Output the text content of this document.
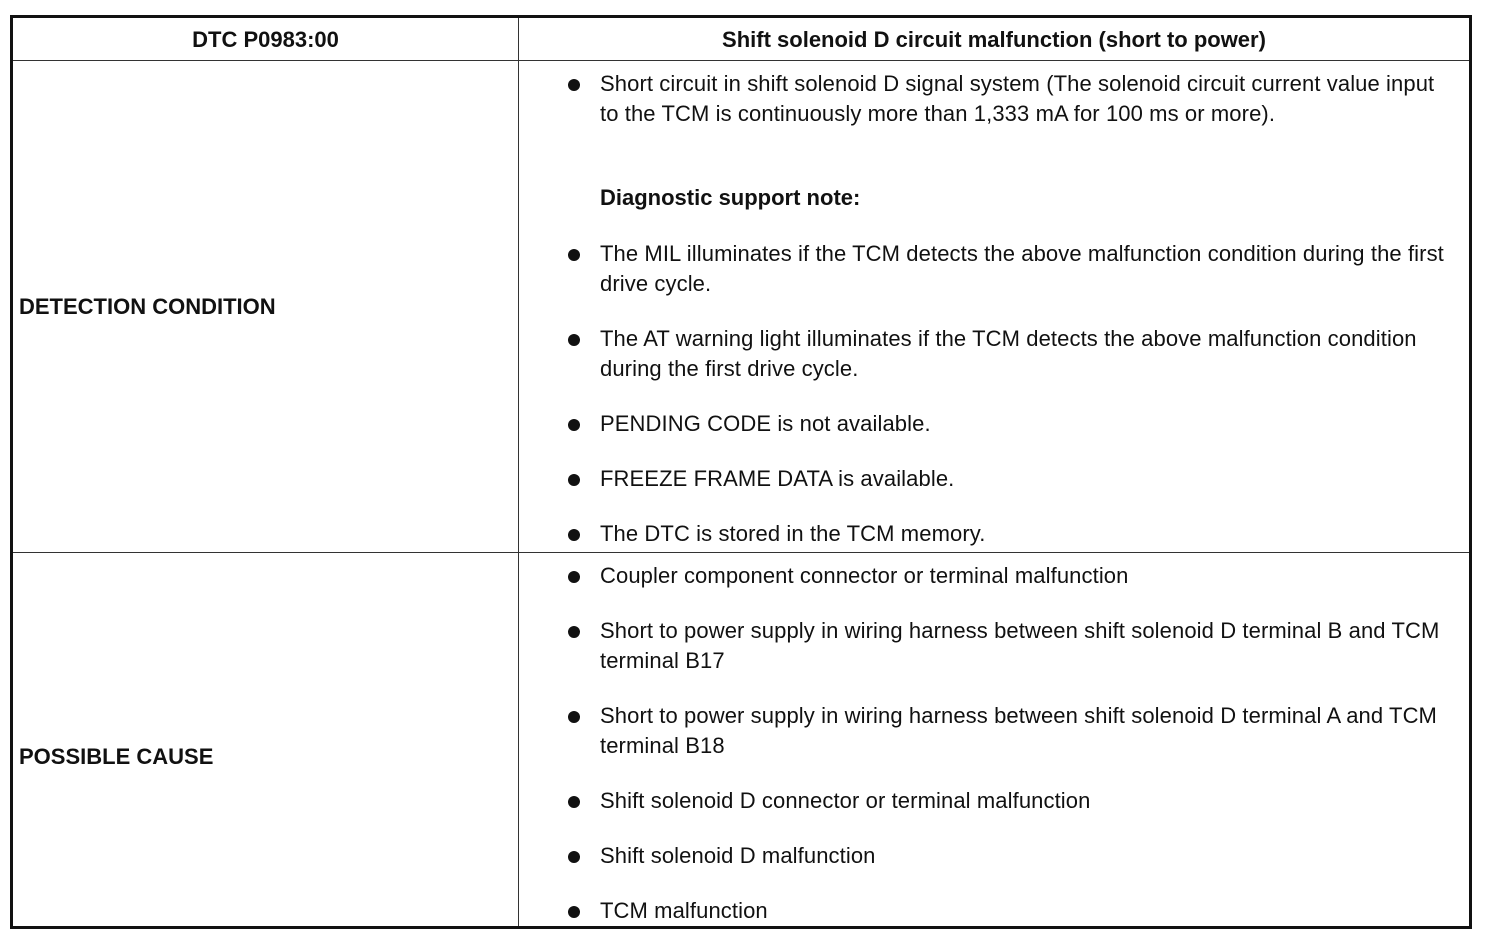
DTC P0983:00	Shift solenoid D circuit malfunction (short to power)
DETECTION CONDITION
Short circuit in shift solenoid D signal system (The solenoid circuit current value input to the TCM is continuously more than 1,333 mA for 100 ms or more).
Diagnostic support note:
The MIL illuminates if the TCM detects the above malfunction condition during the first drive cycle.
The AT warning light illuminates if the TCM detects the above malfunction condition during the first drive cycle.
PENDING CODE is not available.
FREEZE FRAME DATA is available.
The DTC is stored in the TCM memory.
POSSIBLE CAUSE
Coupler component connector or terminal malfunction
Short to power supply in wiring harness between shift solenoid D terminal B and TCM terminal B17
Short to power supply in wiring harness between shift solenoid D terminal A and TCM terminal B18
Shift solenoid D connector or terminal malfunction
Shift solenoid D malfunction
TCM malfunction
